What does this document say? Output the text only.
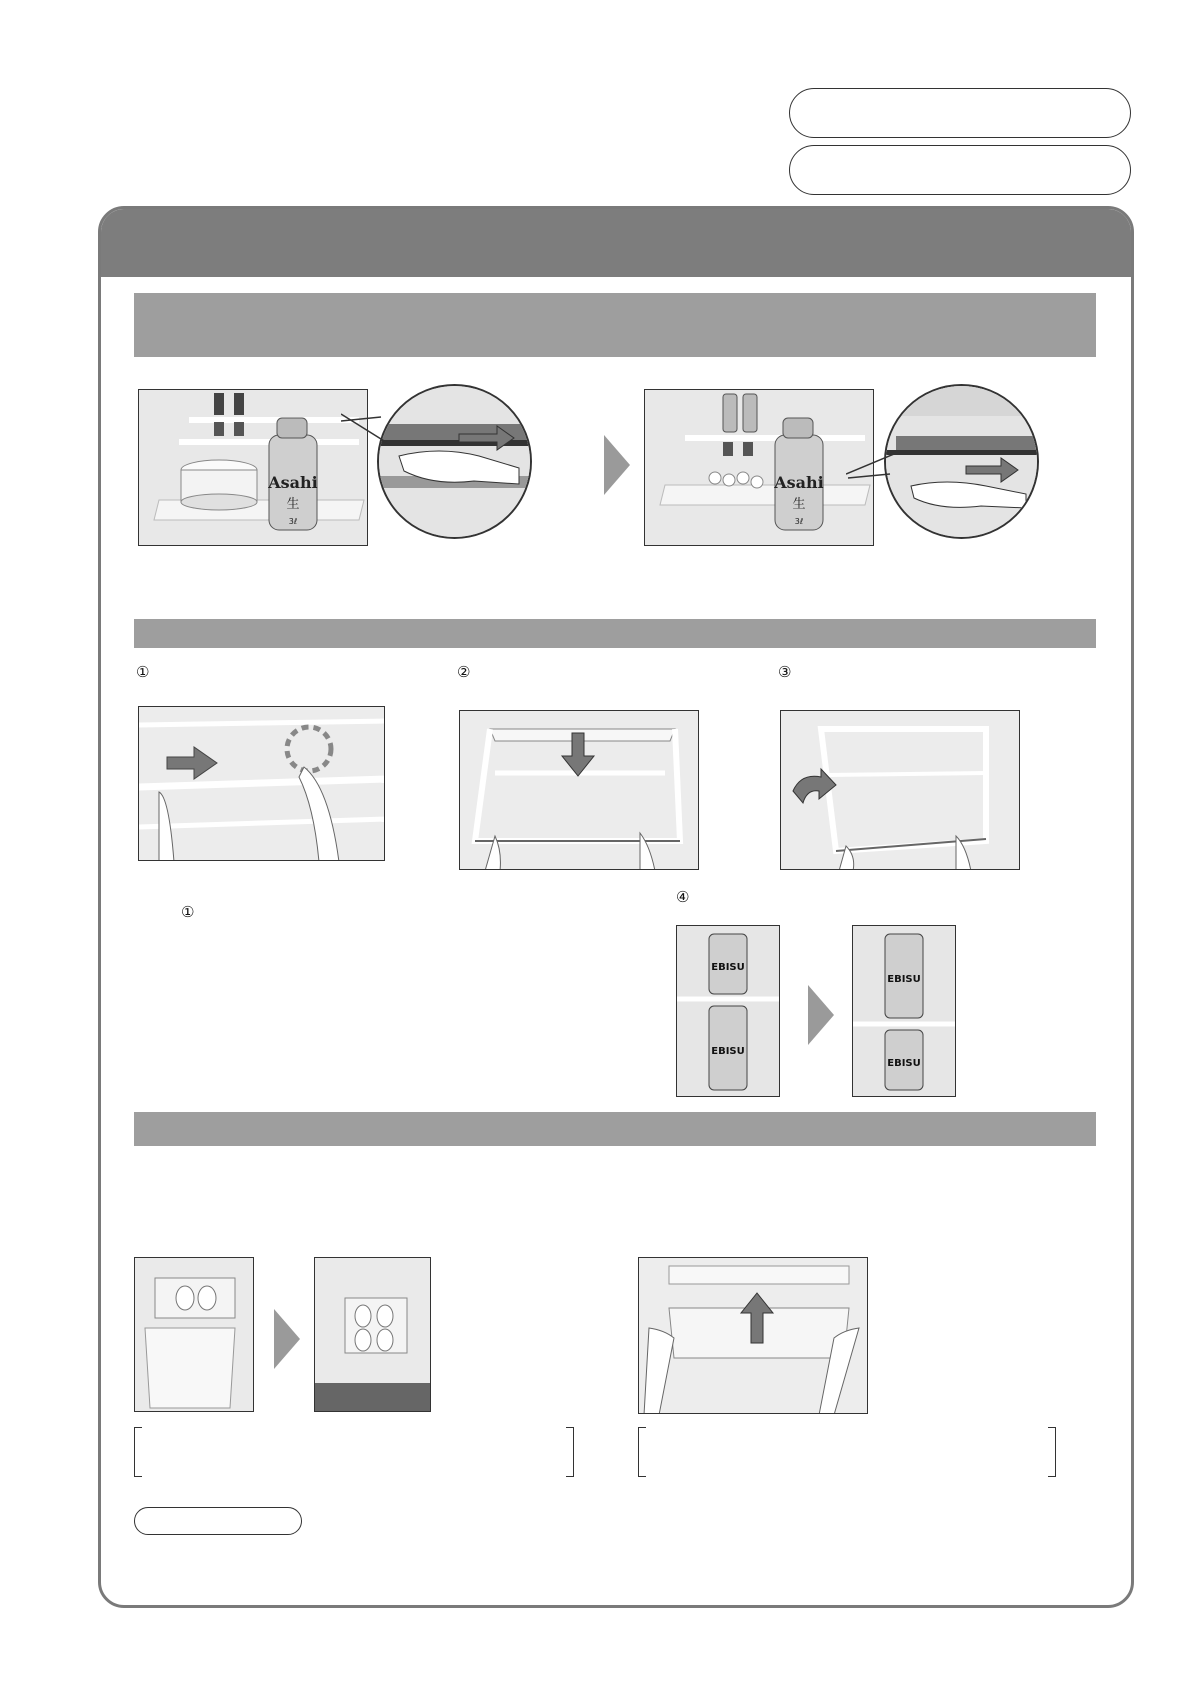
Asahi
生
3ℓ
Asahi
生
3ℓ
①	②	③
④
①
EBISU
EBISU
EBISU
EBISU
